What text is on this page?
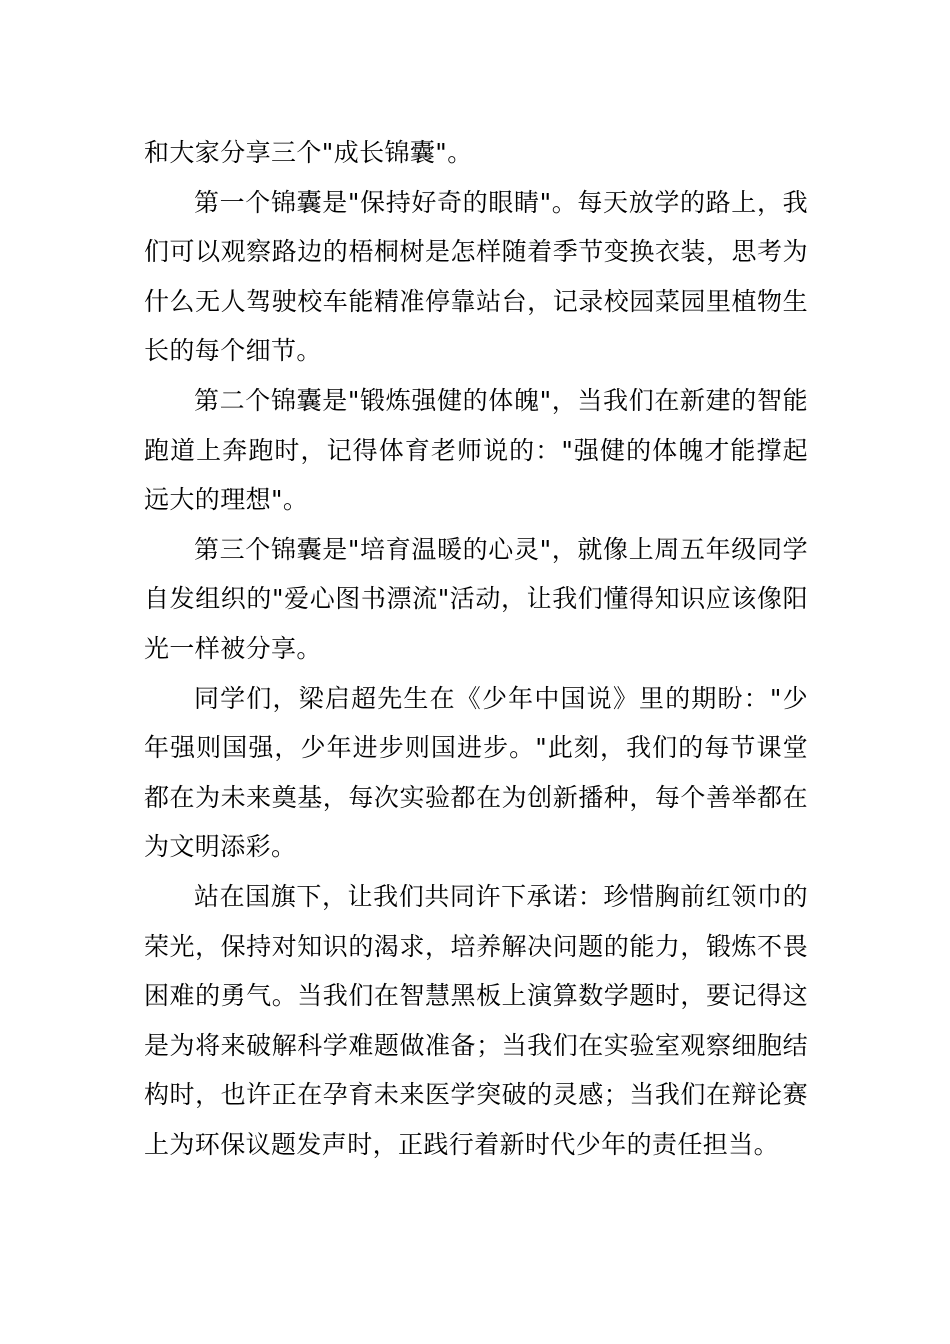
和大家分享三个"成长锦囊"。

第一个锦囊是"保持好奇的眼睛"。每天放学的路上，我们可以观察路边的梧桐树是怎样随着季节变换衣装，思考为什么无人驾驶校车能精准停靠站台，记录校园菜园里植物生长的每个细节。

第二个锦囊是"锻炼强健的体魄"，当我们在新建的智能跑道上奔跑时，记得体育老师说的："强健的体魄才能撑起远大的理想"。

第三个锦囊是"培育温暖的心灵"，就像上周五年级同学自发组织的"爱心图书漂流"活动，让我们懂得知识应该像阳光一样被分享。

同学们，梁启超先生在《少年中国说》里的期盼："少年强则国强，少年进步则国进步。"此刻，我们的每节课堂都在为未来奠基，每次实验都在为创新播种，每个善举都在为文明添彩。

站在国旗下，让我们共同许下承诺：珍惜胸前红领巾的荣光，保持对知识的渴求，培养解决问题的能力，锻炼不畏困难的勇气。当我们在智慧黑板上演算数学题时，要记得这是为将来破解科学难题做准备；当我们在实验室观察细胞结构时，也许正在孕育未来医学突破的灵感；当我们在辩论赛上为环保议题发声时，正践行着新时代少年的责任担当。
